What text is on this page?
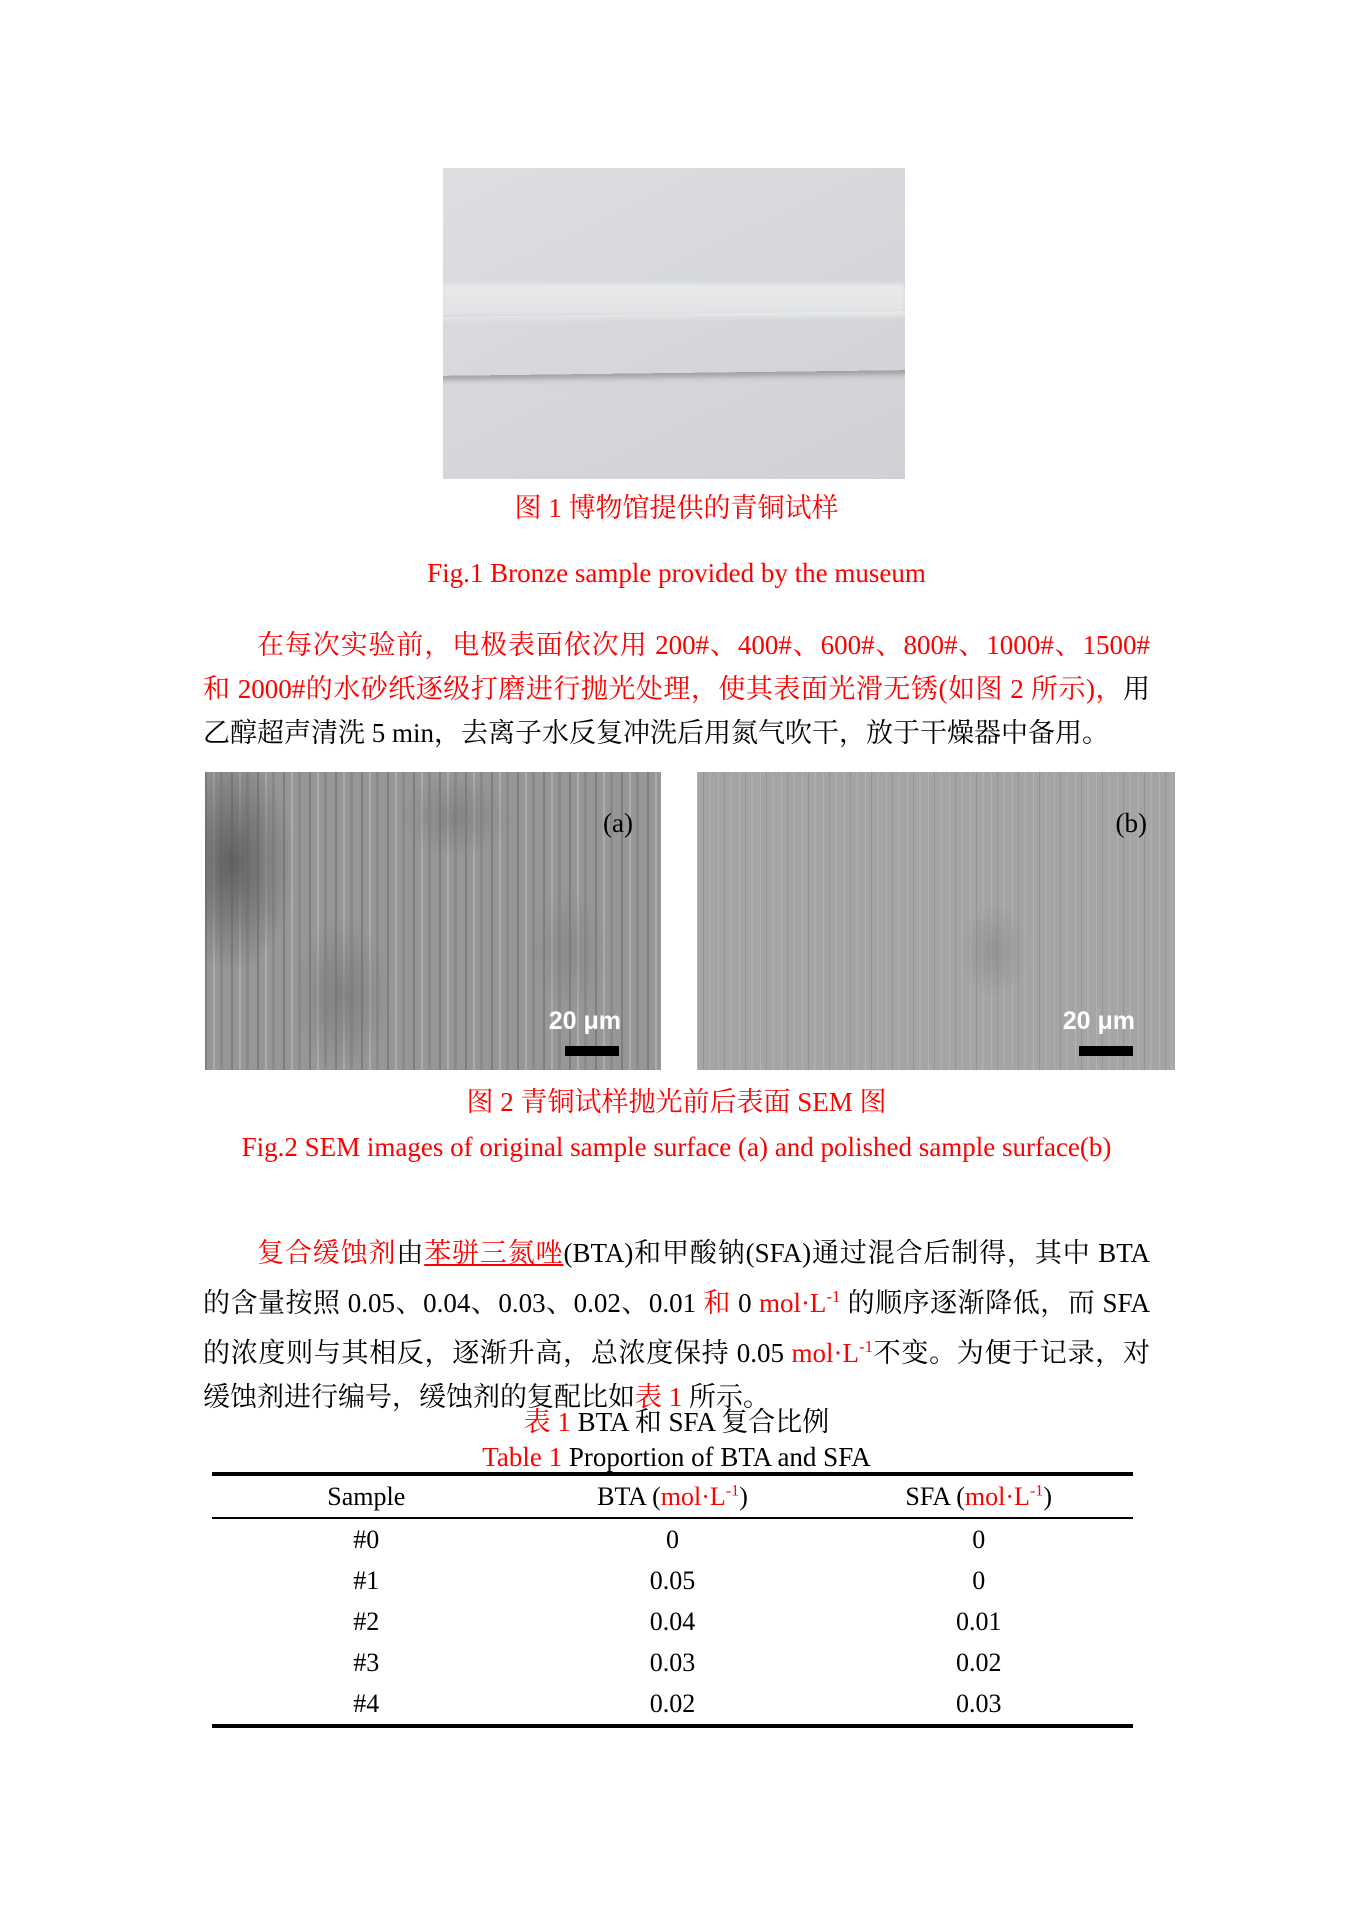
图 1 博物馆提供的青铜试样
Fig.1 Bronze sample provided by the museum

在每次实验前，电极表面依次用 200#、400#、600#、800#、1000#、1500#和 2000#的水砂纸逐级打磨进行抛光处理，使其表面光滑无锈(如图 2 所示)，用乙醇超声清洗 5 min，去离子水反复冲洗后用氮气吹干，放于干燥器中备用。

(a)
20 μm
(b)
20 μm
图 2 青铜试样抛光前后表面 SEM 图
Fig.2 SEM images of original sample surface (a) and polished sample surface(b)

复合缓蚀剂由苯骈三氮唑(BTA)和甲酸钠(SFA)通过混合后制得，其中 BTA 的含量按照 0.05、0.04、0.03、0.02、0.01 和 0 $mol\cdot L^{-1}$ 的顺序逐渐降低，而 SFA 的浓度则与其相反，逐渐升高，总浓度保持 0.05 $mol\cdot L^{-1}$不变。为便于记录，对缓蚀剂进行编号，缓蚀剂的复配比如表 1 所示。

表 1 BTA 和 SFA 复合比例
Table 1 Proportion of BTA and SFA
Sample	BTA $(mol\cdot L^{-1})$	SFA $(mol\cdot L^{-1})$
#0	0	0
#1	0.05	0
#2	0.04	0.01
#3	0.03	0.02
#4	0.02	0.03
